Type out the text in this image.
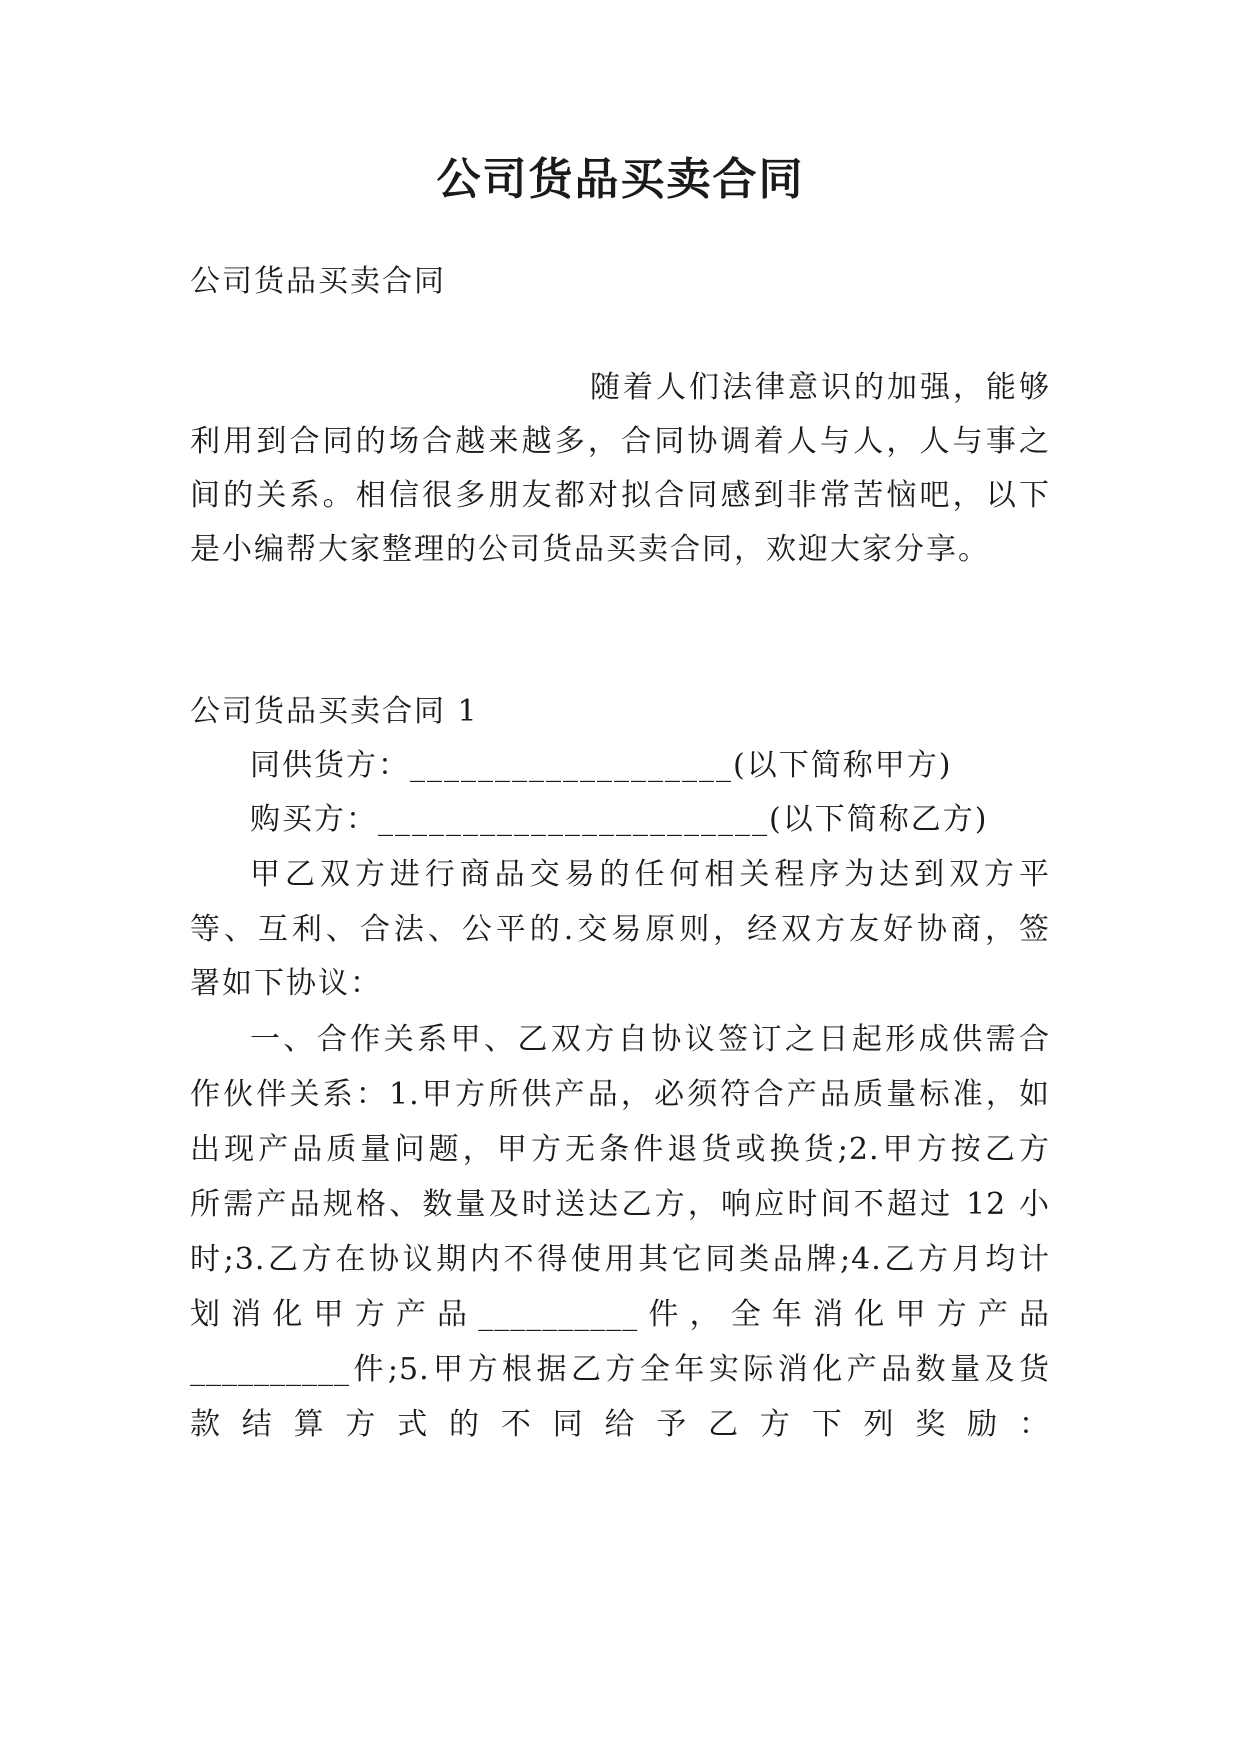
公司货品买卖合同
公司货品买卖合同
随着人们法律意识的加强，能够
利用到合同的场合越来越多，合同协调着人与人，人与事之
间的关系。相信很多朋友都对拟合同感到非常苦恼吧，以下
是小编帮大家整理的公司货品买卖合同，欢迎大家分享。
公司货品买卖合同 1
同供货方：___________________(以下简称甲方)
购买方：_______________________(以下简称乙方)
甲乙双方进行商品交易的任何相关程序为达到双方平
等、互利、合法、公平的.交易原则，经双方友好协商，签
署如下协议：
一、合作关系甲、乙双方自协议签订之日起形成供需合
作伙伴关系：1.甲方所供产品，必须符合产品质量标准，如
出现产品质量问题，甲方无条件退货或换货;2.甲方按乙方
所需产品规格、数量及时送达乙方，响应时间不超过 12 小
时;3.乙方在协议期内不得使用其它同类品牌;4.乙方月均计
划消化甲方产品__________件，全年消化甲方产品
__________件;5.甲方根据乙方全年实际消化产品数量及货
款结算方式的不同给予乙方下列奖励：
